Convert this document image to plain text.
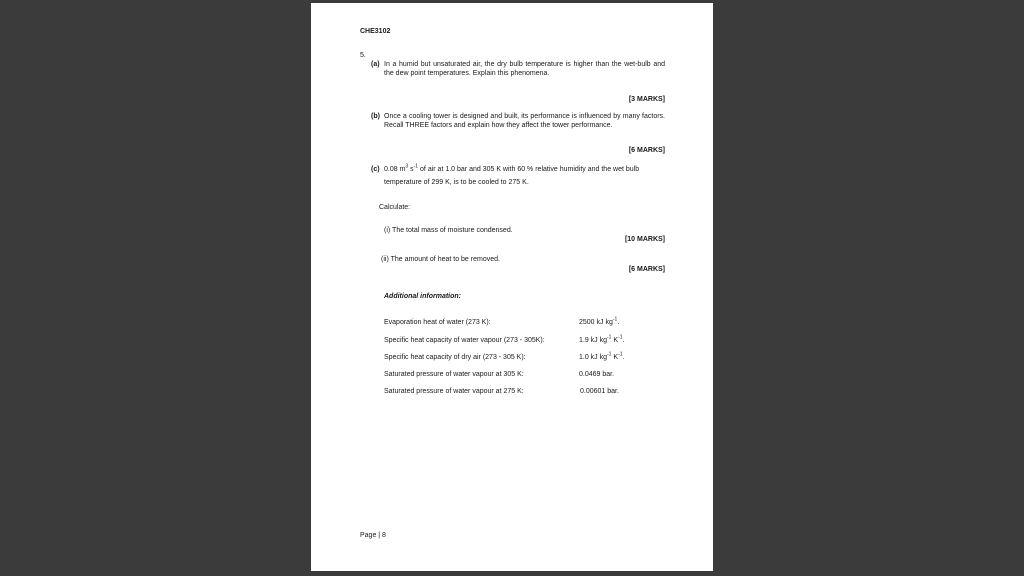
CHE3102
5.
(a) In a humid but unsaturated air, the dry bulb temperature is higher than the wet-bulb and the dew point temperatures. Explain this phenomena.
[3 MARKS]
(b) Once a cooling tower is designed and built, its performance is influenced by many factors. Recall THREE factors and explain how they affect the tower performance.
[6 MARKS]
(c) 0.08 $m^3$ $s^{-1}$ of air at 1.0 bar and 305 K with 60 % relative humidity and the wet bulb
temperature of 299 K, is to be cooled to 275 K.
Calculate:
(i) The total mass of moisture condensed.
[10 MARKS]
(ii) The amount of heat to be removed.
[6 MARKS]
Additional information:
Evaporation heat of water (273 K):	2500 kJ $kg^{-1}$.
Specific heat capacity of water vapour (273 - 305K):	1.9 kJ $kg^{-1}$ $K^{-1}$.
Specific heat capacity of dry air (273 - 305 K):	1.0 kJ $kg^{-1}$ $K^{-1}$.
Saturated pressure of water vapour at 305 K:	0.0469 bar.
Saturated pressure of water vapour at 275 K:	0.00601 bar.
Page | 8
